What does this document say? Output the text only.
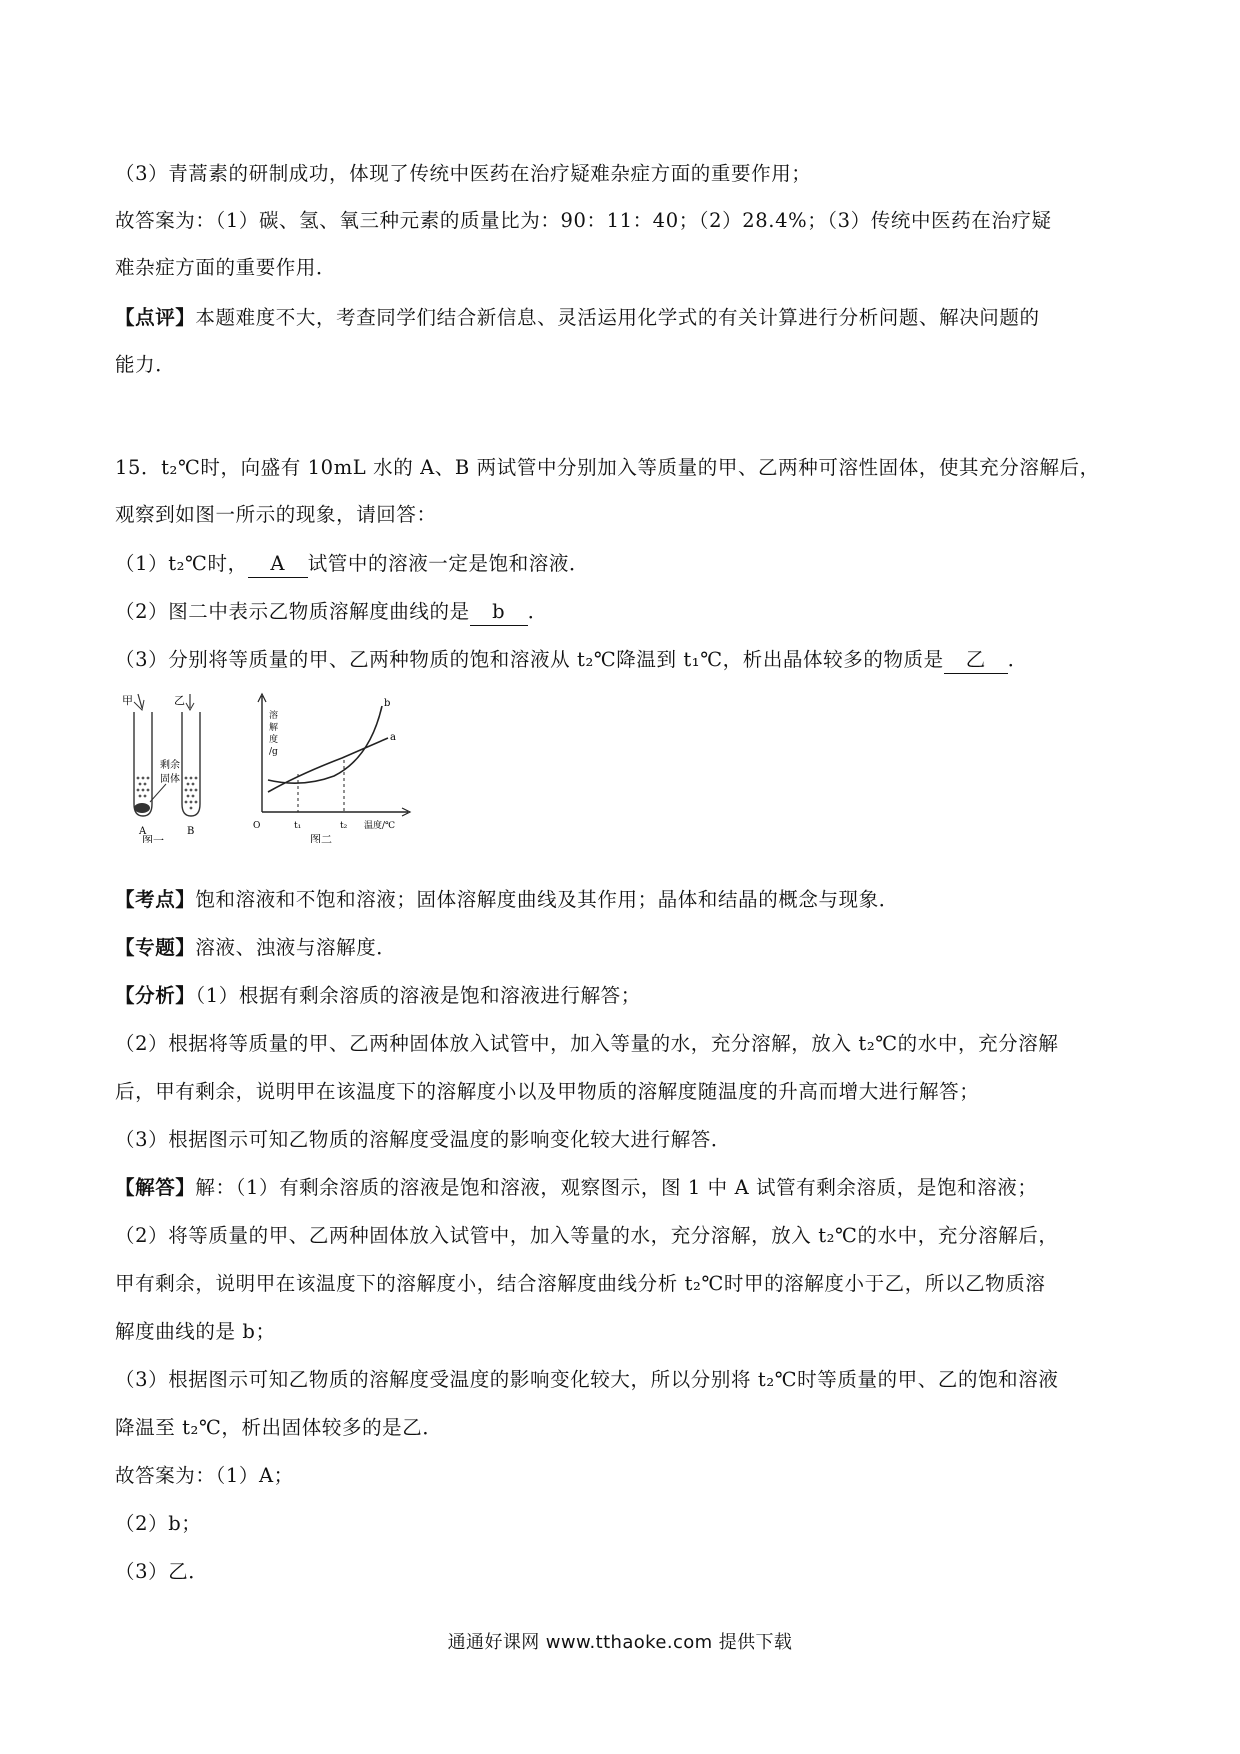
（3）青蒿素的研制成功，体现了传统中医药在治疗疑难杂症方面的重要作用；
故答案为：（1）碳、氢、氧三种元素的质量比为：90：11：40；（2）28.4%；（3）传统中医药在治疗疑
难杂症方面的重要作用．
【点评】本题难度不大，考查同学们结合新信息、灵活运用化学式的有关计算进行分析问题、解决问题的
能力．
15．t₂℃时，向盛有 10mL 水的 A、B 两试管中分别加入等质量的甲、乙两种可溶性固体，使其充分溶解后，
观察到如图一所示的现象，请回答：
（1）t₂℃时， A 试管中的溶液一定是饱和溶液．
（2）图二中表示乙物质溶解度曲线的是 b ．
（3）分别将等质量的甲、乙两种物质的饱和溶液从 t₂℃降温到 t₁℃，析出晶体较多的物质是 乙 ．
甲
剩余
固体
A
乙
B
图一
溶
解
度
/g
b
a
O	t₁	t₂ 温度/℃
图二
【考点】饱和溶液和不饱和溶液；固体溶解度曲线及其作用；晶体和结晶的概念与现象．
【专题】溶液、浊液与溶解度．
【分析】（1）根据有剩余溶质的溶液是饱和溶液进行解答；
（2）根据将等质量的甲、乙两种固体放入试管中，加入等量的水，充分溶解，放入 t₂℃的水中，充分溶解
后，甲有剩余，说明甲在该温度下的溶解度小以及甲物质的溶解度随温度的升高而增大进行解答；
（3）根据图示可知乙物质的溶解度受温度的影响变化较大进行解答．
【解答】解：（1）有剩余溶质的溶液是饱和溶液，观察图示，图 1 中 A 试管有剩余溶质，是饱和溶液；
（2）将等质量的甲、乙两种固体放入试管中，加入等量的水，充分溶解，放入 t₂℃的水中，充分溶解后，
甲有剩余，说明甲在该温度下的溶解度小，结合溶解度曲线分析 t₂℃时甲的溶解度小于乙，所以乙物质溶
解度曲线的是 b；
（3）根据图示可知乙物质的溶解度受温度的影响变化较大，所以分别将 t₂℃时等质量的甲、乙的饱和溶液
降温至 t₂℃，析出固体较多的是乙．
故答案为：（1）A；
（2）b；
（3）乙．
通通好课网 www.tthaoke.com 提供下载
